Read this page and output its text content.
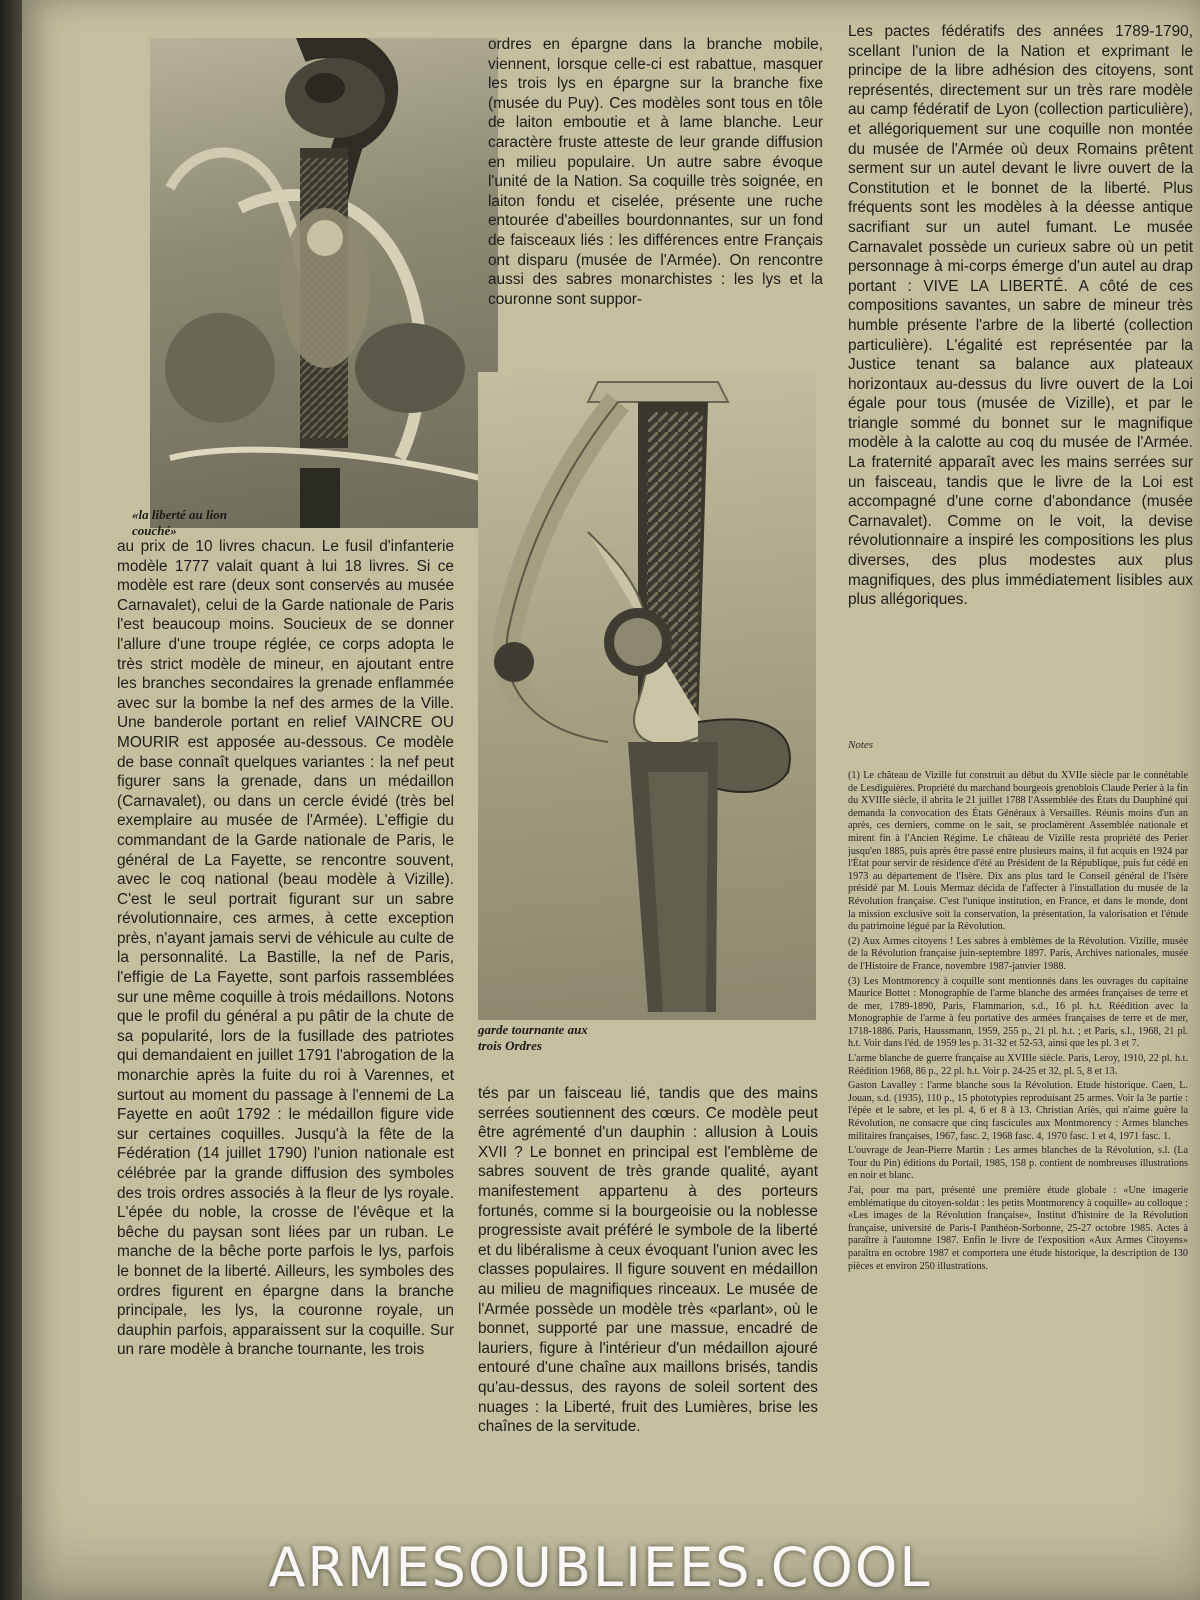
«la liberté au lion couché»
garde tournante aux trois Ordres

au prix de 10 livres chacun. Le fusil d'infanterie modèle 1777 valait quant à lui 18 livres. Si ce modèle est rare (deux sont conservés au musée Carnavalet), celui de la Garde nationale de Paris l'est beaucoup moins. Soucieux de se donner l'allure d'une troupe réglée, ce corps adopta le très strict modèle de mineur, en ajoutant entre les branches secondaires la grenade enflammée avec sur la bombe la nef des armes de la Ville. Une banderole portant en relief VAINCRE OU MOURIR est apposée au-dessous. Ce modèle de base connaît quelques variantes : la nef peut figurer sans la grenade, dans un médaillon (Carnavalet), ou dans un cercle évidé (très bel exemplaire au musée de l'Armée). L'effigie du commandant de la Garde nationale de Paris, le général de La Fayette, se rencontre souvent, avec le coq national (beau modèle à Vizille). C'est le seul portrait figurant sur un sabre révolutionnaire, ces armes, à cette exception près, n'ayant jamais servi de véhicule au culte de la personnalité. La Bastille, la nef de Paris, l'effigie de La Fayette, sont parfois rassemblées sur une même coquille à trois médaillons. Notons que le profil du général a pu pâtir de la chute de sa popularité, lors de la fusillade des patriotes qui demandaient en juillet 1791 l'abrogation de la monarchie après la fuite du roi à Varennes, et surtout au moment du passage à l'ennemi de La Fayette en août 1792 : le médaillon figure vide sur certaines coquilles. Jusqu'à la fête de la Fédération (14 juillet 1790) l'union nationale est célébrée par la grande diffusion des symboles des trois ordres associés à la fleur de lys royale. L'épée du noble, la crosse de l'évêque et la bêche du paysan sont liées par un ruban. Le manche de la bêche porte parfois le lys, parfois le bonnet de la liberté. Ailleurs, les symboles des ordres figurent en épargne dans la branche principale, les lys, la couronne royale, un dauphin parfois, apparaissent sur la coquille. Sur un rare modèle à branche tournante, les trois

ordres en épargne dans la branche mobile, viennent, lorsque celle-ci est rabattue, masquer les trois lys en épargne sur la branche fixe (musée du Puy). Ces modèles sont tous en tôle de laiton emboutie et à lame blanche. Leur caractère fruste atteste de leur grande diffusion en milieu populaire. Un autre sabre évoque l'unité de la Nation. Sa coquille très soignée, en laiton fondu et ciselée, présente une ruche entourée d'abeilles bourdonnantes, sur un fond de faisceaux liés : les différences entre Français ont disparu (musée de l'Armée). On rencontre aussi des sabres monarchistes : les lys et la couronne sont suppor-

tés par un faisceau lié, tandis que des mains serrées soutiennent des cœurs. Ce modèle peut être agrémenté d'un dauphin : allusion à Louis XVII ? Le bonnet en principal est l'emblème de sabres souvent de très grande qualité, ayant manifestement appartenu à des porteurs fortunés, comme si la bourgeoisie ou la noblesse progressiste avait préféré le symbole de la liberté et du libéralisme à ceux évoquant l'union avec les classes populaires. Il figure souvent en médaillon au milieu de magnifiques rinceaux. Le musée de l'Armée possède un modèle très «parlant», où le bonnet, supporté par une massue, encadré de lauriers, figure à l'intérieur d'un médaillon ajouré entouré d'une chaîne aux maillons brisés, tandis qu'au-dessus, des rayons de soleil sortent des nuages : la Liberté, fruit des Lumières, brise les chaînes de la servitude.

Les pactes fédératifs des années 1789-1790, scellant l'union de la Nation et exprimant le principe de la libre adhésion des citoyens, sont représentés, directement sur un très rare modèle au camp fédératif de Lyon (collection particulière), et allégoriquement sur une coquille non montée du musée de l'Armée où deux Romains prêtent serment sur un autel devant le livre ouvert de la Constitution et le bonnet de la liberté. Plus fréquents sont les modèles à la déesse antique sacrifiant sur un autel fumant. Le musée Carnavalet possède un curieux sabre où un petit personnage à mi-corps émerge d'un autel au drap portant : VIVE LA LIBERTÉ. A côté de ces compositions savantes, un sabre de mineur très humble présente l'arbre de la liberté (collection particulière). L'égalité est représentée par la Justice tenant sa balance aux plateaux horizontaux au-dessus du livre ouvert de la Loi égale pour tous (musée de Vizille), et par le triangle sommé du bonnet sur le magnifique modèle à la calotte au coq du musée de l'Armée. La fraternité apparaît avec les mains serrées sur un faisceau, tandis que le livre de la Loi est accompagné d'une corne d'abondance (musée Carnavalet). Comme on le voit, la devise révolutionnaire a inspiré les compositions les plus diverses, des plus modestes aux plus magnifiques, des plus immédiatement lisibles aux plus allégoriques.

Notes

(1) Le château de Vizille fut construit au début du XVIIe siècle par le connétable de Lesdiguières. Propriété du marchand bourgeois grenoblois Claude Perier à la fin du XVIIIe siècle, il abrita le 21 juillet 1788 l'Assemblée des États du Dauphiné qui demanda la convocation des États Généraux à Versailles. Réunis moins d'un an après, ces derniers, comme on le sait, se proclamèrent Assemblée nationale et mirent fin à l'Ancien Régime. Le château de Vizille resta propriété des Perier jusqu'en 1885, puis après être passé entre plusieurs mains, il fut acquis en 1924 par l'État pour servir de résidence d'été au Président de la République, puis fut cédé en 1973 au département de l'Isère. Dix ans plus tard le Conseil général de l'Isère présidé par M. Louis Mermaz décida de l'affecter à l'installation du musée de la Révolution française. C'est l'unique institution, en France, et dans le monde, dont la mission exclusive soit la conservation, la présentation, la valorisation et l'étude du patrimoine légué par la Révolution.

(2) Aux Armes citoyens ! Les sabres à emblèmes de la Révolution. Vizille, musée de la Révolution française juin-septembre 1897. Paris, Archives nationales, musée de l'Histoire de France, novembre 1987-janvier 1988.

(3) Les Montmorency à coquille sont mentionnés dans les ouvrages du capitaine Maurice Bottet : Monographie de l'arme blanche des armées françaises de terre et de mer, 1789-1890, Paris, Flammarion, s.d., 16 pl. h.t. Réédition avec la Monographie de l'arme à feu portative des armées françaises de terre et de mer, 1718-1886. Paris, Haussmann, 1959, 255 p., 21 pl. h.t. ; et Paris, s.l., 1968, 21 pl. h.t. Voir dans l'éd. de 1959 les p. 31-32 et 52-53, ainsi que les pl. 3 et 7.

L'arme blanche de guerre française au XVIIIe siècle. Paris, Leroy, 1910, 22 pl. h.t. Réédition 1968, 86 p., 22 pl. h.t. Voir p. 24-25 et 32, pl. 5, 8 et 13.

Gaston Lavalley : l'arme blanche sous la Révolution. Etude historique. Caen, L. Jouan, s.d. (1935), 110 p., 15 phototypies reproduisant 25 armes. Voir la 3e partie : l'épée et le sabre, et les pl. 4, 6 et 8 à 13. Christian Ariès, qui n'aime guère la Révolution, ne consacre que cinq fascicules aux Montmorency : Armes blanches militaires françaises, 1967, fasc. 2, 1968 fasc. 4, 1970 fasc. 1 et 4, 1971 fasc. 1.

L'ouvrage de Jean-Pierre Martin : Les armes blanches de la Révolution, s.l. (La Tour du Pin) éditions du Portail, 1985, 158 p. contient de nombreuses illustrations en noir et blanc.

J'ai, pour ma part, présenté une première étude globale : «Une imagerie emblématique du citoyen-soldat : les petits Montmorency à coquille» au colloque : «Les images de la Révolution française», Institut d'histoire de la Révolution française, université de Paris-I Panthéon-Sorbonne, 25-27 octobre 1985. Actes à paraître à l'automne 1987. Enfin le livre de l'exposition «Aux Armes Citoyens» paraîtra en octobre 1987 et comportera une étude historique, la description de 130 pièces et environ 250 illustrations.

ARMESOUBLIEES.COOL
